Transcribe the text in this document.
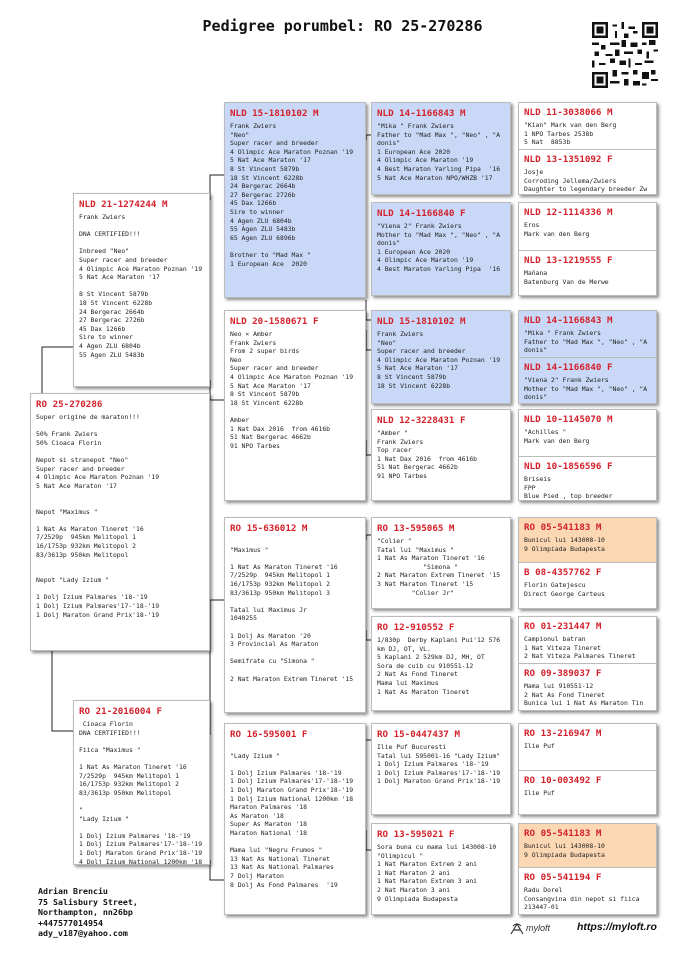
Pedigree porumbel: RO 25-270286
RO 25-270286
Super origine de maraton!!!

50% Frank Zwiers
50% Cioaca Florin

Nepot si stranepot "Neo"
Super racer and breeder
4 Olimpic Ace Maraton Poznan '19
5 Nat Ace Maraton '17

Nepot "Maximus "

1 Nat As Maraton Tineret '16
7/2529p  945km Melitopol 1
16/1753p 932km Melitopol 2
83/3613p 950km Melitopol

Nepot "Lady Izium "

1 Dolj Izium Palmares '18-'19
1 Dolj Izium Palmares'17-'18-'19
1 Dolj Maraton Grand Prix'18-'19
NLD 21-1274244 M
Frank Zwiers

DNA CERTIFIED!!!

Inbreed "Neo"
Super racer and breeder
4 Olimpic Ace Maraton Poznan '19
5 Nat Ace Maraton '17

8 St Vincent 5879b
18 St Vincent 6228b
24 Bergerac 2664b
27 Bergerac 2726b
45 Dax 1266b
Sire to winner
4 Agen ZLU 6804b
55 Agen ZLU 5483b
RO 21-2016004 F
Cioaca Florin
DNA CERTIFIED!!!

Fiica "Maximus "

1 Nat As Maraton Tineret '16
7/2529p  945km Melitopol 1
16/1753p 932km Melitopol 2
83/3613p 950km Melitopol

"
"Lady Izium "

1 Dolj Izium Palmares '18-'19
1 Dolj Izium Palmares'17-'18-'19
1 Dolj Maraton Grand Prix'18-'19
4 Dolj Izium National 1200km '18
NLD 15-1810102 M
Frank Zwiers
"Neo"
Super racer and breeder
4 Olimpic Ace Maraton Poznan '19
5 Nat Ace Maraton '17
8 St Vincent 5879b
18 St Vincent 6228b
24 Bergerac 2664b
27 Bergerac 2726b
45 Dax 1266b
Sire to winner
4 Agen ZLU 6804b
55 Agen ZLU 5483b
65 Agen ZLU 6896b

Brother to "Mad Max "
1 European Ace  2020
NLD 20-1580671 F
Neo × Amber
Frank Zwiers
From 2 super birds
Neo
Super racer and breeder
4 Olimpic Ace Maraton Poznan '19
5 Nat Ace Maraton '17
8 St Vincent 5879b
18 St Vincent 6228b

Amber
1 Nat Dax 2016  from 4616b
51 Nat Bergerac 4662b
91 NPO Tarbes
RO 15-636012 M

"Maximus "

1 Nat As Maraton Tineret '16
7/2529p  945km Melitopol 1
16/1753p 932km Melitopol 2
83/3613p 950km Melitopol 3

Tatal lui Maximus Jr
1040255

1 Dolj As Maraton '20
3 Provincial As Maraton

Semifrate cu "Simona "

2 Nat Maraton Extrem Tineret '15
RO 16-595001 F

"Lady Izium "

1 Dolj Izium Palmares '18-'19
1 Dolj Izium Palmares'17-'18-'19
1 Dolj Maraton Grand Prix'18-'19
1 Dolj Izium National 1200km '18
Maraton Palmares '18
As Maraton '18
Super As Maraton '18
Maraton National '18

Mama lui "Negru Frumos "
13 Nat As National Tineret
13 Nat As National Palmares
7 Dolj Maraton
8 Dolj As Fond Palmares  '19
NLD 14-1166843 M
"Mika " Frank Zwiers
Father to "Mad Max ", "Neo" , "A
donis"
1 European Ace 2020
4 Olimpic Ace Maraton '19
4 Best Maraton Yarling Pipa  '16
5 Nat Ace Maraton NPO/WHZB '17
NLD 14-1166840 F
"Viena 2" Frank Zwiers
Mother to "Mad Max ", "Neo" , "A
donis"
1 European Ace 2020
4 Olimpic Ace Maraton '19
4 Best Maraton Yarling Pipa  '16
NLD 15-1810102 M
Frank Zwiers
"Neo"
Super racer and breeder
4 Olimpic Ace Maraton Poznan '19
5 Nat Ace Maraton '17
8 St Vincent 5879b
18 St Vincent 6228b
NLD 12-3228431 F
"Amber "
Frank Zwiers
Top racer
1 Nat Dax 2016  from 4616b
51 Nat Bergerac 4662b
91 NPO Tarbes
RO 13-595065 M
"Colier "
Tatal lui "Maximus "
1 Nat As Maraton Tineret '16
"Simona "
2 Nat Maraton Extrem Tineret '15
3 Nat Maraton Tineret '15
"Colier Jr"
RO 12-910552 F
1/830p  Derby Kaplani Pui'12 576
km DJ, OT, VL.
5 Kaplani 2 529km DJ, MH, OT
Sora de cuib cu 910551-12
2 Nat As Fond Tineret
Mama lui Maximus
1 Nat As Maraton Tineret
RO 15-0447437 M
Ilie Puf Bucuresti
Tatal lui 595001-16 "Lady Izium"
1 Dolj Izium Palmares '18-'19
1 Dolj Izium Palmares'17-'18-'19
1 Dolj Maraton Grand Prix'18-'19
RO 13-595021 F
Sora buna cu mama lui 143008-10
"Olimpicul "
1 Nat Maraton Extrem 2 ani
1 Nat Maraton 2 ani
1 Nat Maraton Extrem 3 ani
2 Nat Maraton 3 ani
9 Olimpiada Budapesta
NLD 11-3038066 M
"Kian" Mark van den Berg
1 NPO Tarbes 2538b
5 Nat  8853b
NLD 13-1351092 F
Josje
Corroding Jellema/Zwiers
Daughter to legendary breeder Zw
NLD 12-1114336 M
Eros
Mark van den Berg
NLD 13-1219555 F
Mañana
Batenburg Van de Merwe
NLD 14-1166843 M
"Mika " Frank Zwiers
Father to "Mad Max ", "Neo" , "A
donis"
NLD 14-1166840 F
"Viena 2" Frank Zwiers
Mother to "Mad Max ", "Neo" , "A
donis"
NLD 10-1145070 M
"Achilles "
Mark van den Berg
NLD 10-1856596 F
Briseis
FPP
Blue Pied , top breeder
RO 05-541183 M
Bunicul lui 143008-10
9 Olimpiada Budapesta
B 08-4357762 F
Florin Gatejescu
Direct George Carteus
RO 01-231447 M
Campionul batran
1 Nat Viteza Tineret
2 Nat Viteza Palmares Tineret
RO 09-389037 F
Mama lui 910551-12
2 Nat As Fond Tineret
Bunica lui 1 Nat As Maraton Tin
RO 13-216947 M
Ilie Puf
RO 10-003492 F
Ilie Puf
RO 05-541183 M
Bunicul lui 143008-10
9 Olimpiada Budapesta
RO 05-541194 F
Radu Dorel
Consangvina din nepot si fiica
213447-01
Adrian Brenciu
75 Salisbury Street,
Northampton, nn26bp
+447577014954
ady_v187@yahoo.com	myloft	https://myloft.ro
